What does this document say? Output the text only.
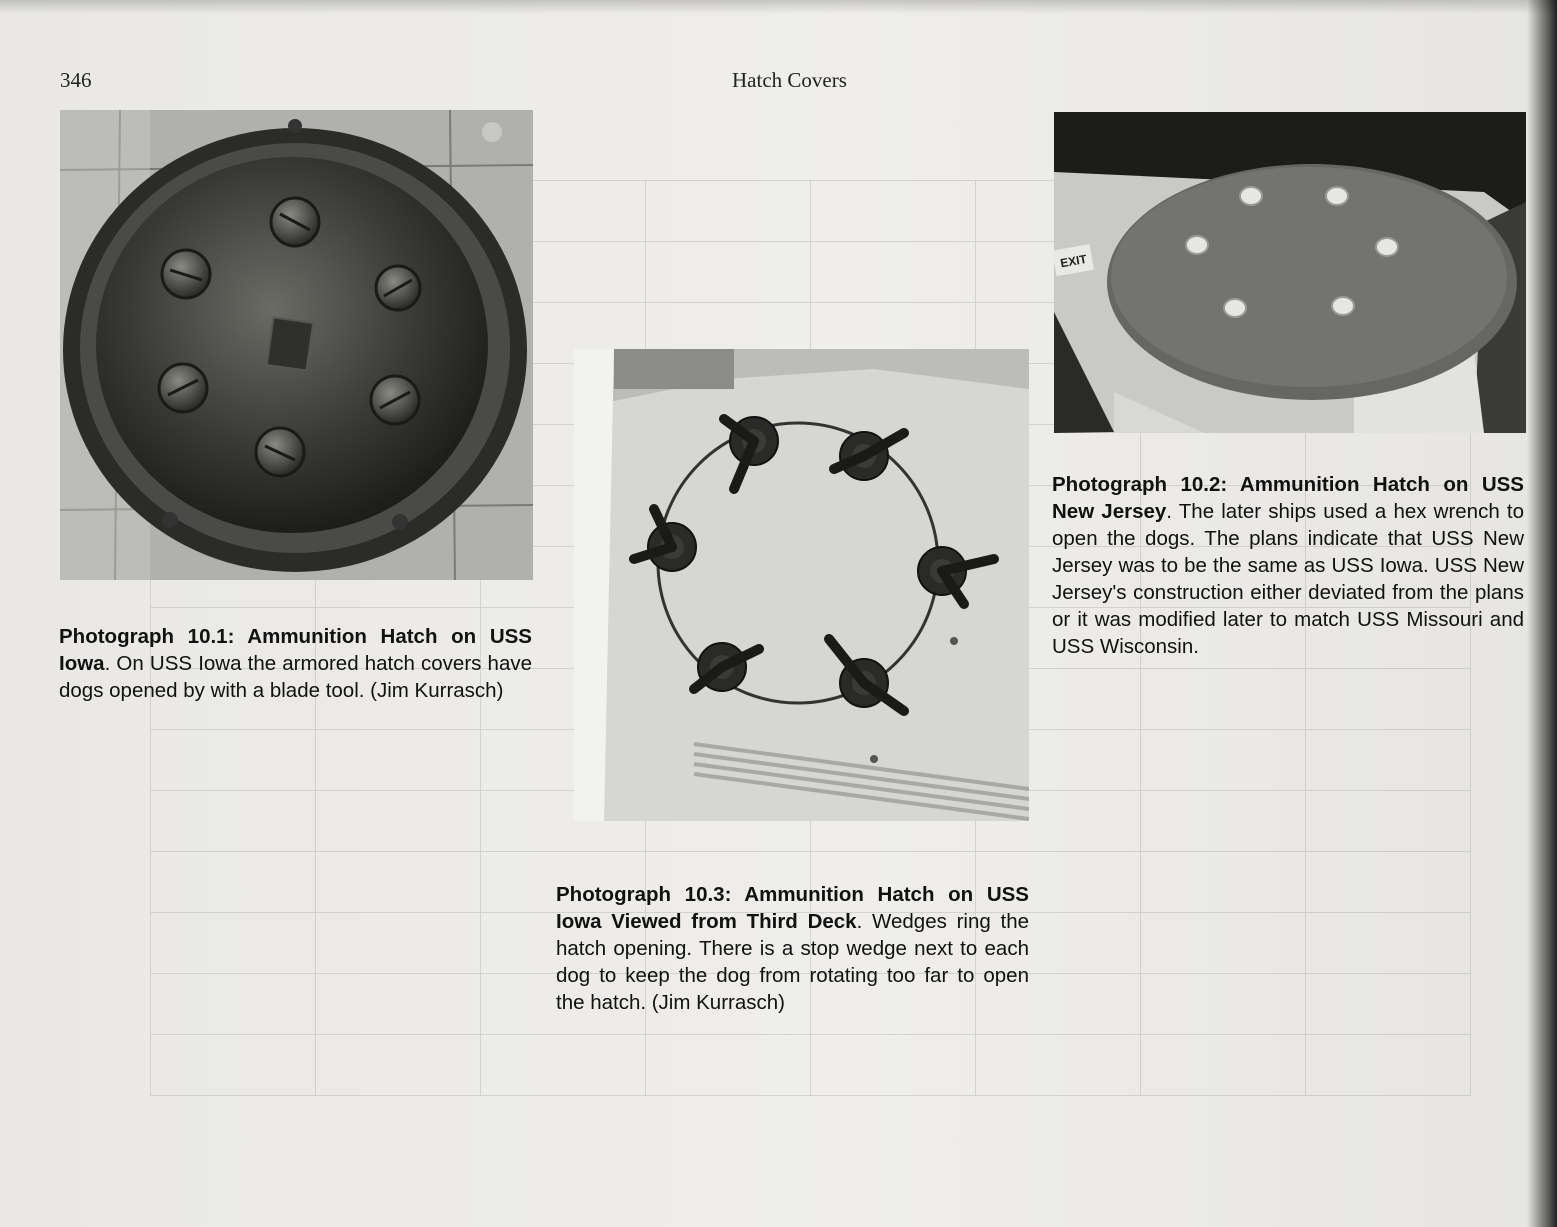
346	Hatch Covers
EXIT
Photograph 10.1: Ammunition Hatch on USS Iowa. On USS Iowa the armored hatch covers have dogs opened by with a blade tool. (Jim Kurrasch)
Photograph 10.2: Ammunition Hatch on USS New Jersey. The later ships used a hex wrench to open the dogs. The plans indicate that USS New Jersey was to be the same as USS Iowa. USS New Jersey's construction either deviated from the plans or it was modified later to match USS Missouri and USS Wisconsin.
Photograph 10.3: Ammunition Hatch on USS Iowa Viewed from Third Deck. Wedges ring the hatch opening. There is a stop wedge next to each dog to keep the dog from rotating too far to open the hatch. (Jim Kurrasch)
